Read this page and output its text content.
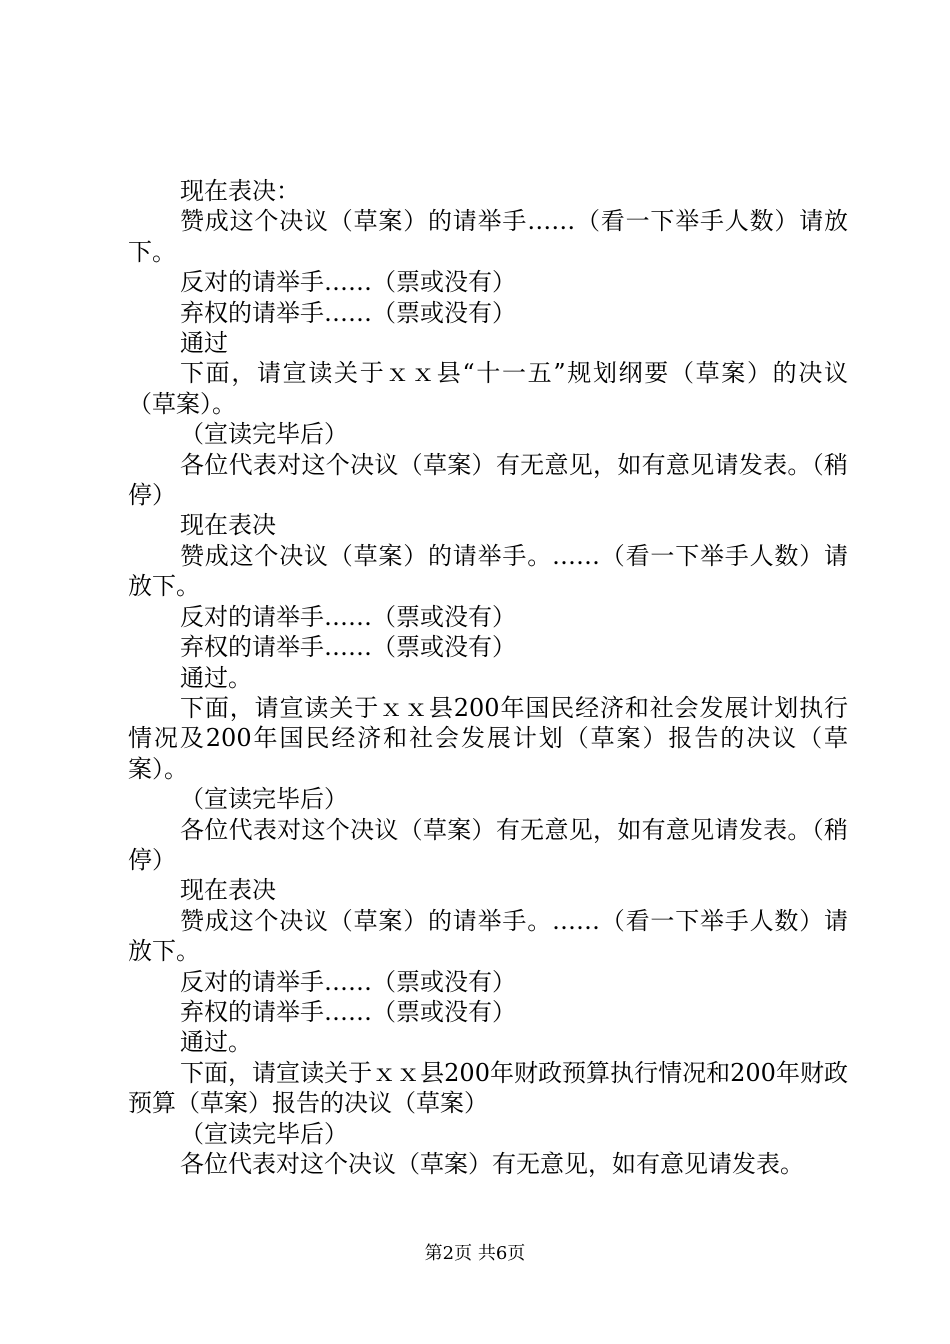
现在表决：

赞成这个决议（草案）的请举手……（看一下举手人数）请放下。

反对的请举手……（票或没有）

弃权的请举手……（票或没有）

通过

下面，请宣读关于ｘｘ县“十一五”规划纲要（草案）的决议（草案）。

（宣读完毕后）

各位代表对这个决议（草案）有无意见，如有意见请发表。（稍停）

现在表决

赞成这个决议（草案）的请举手。……（看一下举手人数）请放下。

反对的请举手……（票或没有）

弃权的请举手……（票或没有）

通过。

下面，请宣读关于ｘｘ县200年国民经济和社会发展计划执行情况及200年国民经济和社会发展计划（草案）报告的决议（草案）。

（宣读完毕后）

各位代表对这个决议（草案）有无意见，如有意见请发表。（稍停）

现在表决

赞成这个决议（草案）的请举手。……（看一下举手人数）请放下。

反对的请举手……（票或没有）

弃权的请举手……（票或没有）

通过。

下面，请宣读关于ｘｘ县200年财政预算执行情况和200年财政预算（草案）报告的决议（草案）

（宣读完毕后）

各位代表对这个决议（草案）有无意见，如有意见请发表。

第2页 共6页
